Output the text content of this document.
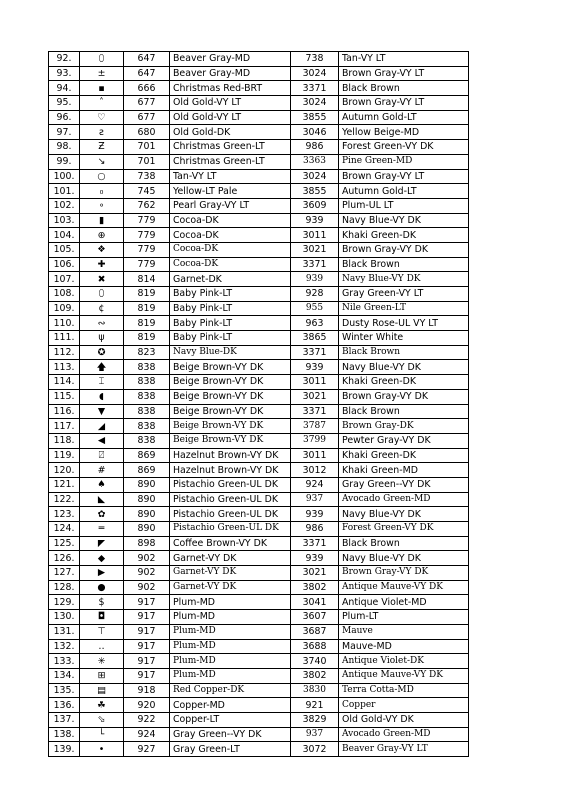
92.	⬯	647	Beaver Gray-MD	738	Tan-VY LT
93.	±	647	Beaver Gray-MD	3024	Brown Gray-VY LT
94.	▪	666	Christmas Red-BRT	3371	Black Brown
95.	˄	677	Old Gold-VY LT	3024	Brown Gray-VY LT
96.	♡	677	Old Gold-VY LT	3855	Autumn Gold-LT
97.	ƨ	680	Old Gold-DK	3046	Yellow Beige-MD
98.	Ƶ	701	Christmas Green-LT	986	Forest Green-VY DK
99.	↘	701	Christmas Green-LT	3363	Pine Green-MD
100.	○	738	Tan-VY LT	3024	Brown Gray-VY LT
101.	₀	745	Yellow-LT Pale	3855	Autumn Gold-LT
102.	∘	762	Pearl Gray-VY LT	3609	Plum-UL LT
103.	▮	779	Cocoa-DK	939	Navy Blue-VY DK
104.	⊕	779	Cocoa-DK	3011	Khaki Green-DK
105.	❖	779	Cocoa-DK	3021	Brown Gray-VY DK
106.	✚	779	Cocoa-DK	3371	Black Brown
107.	✖	814	Garnet-DK	939	Navy Blue-VY DK
108.	⬯	819	Baby Pink-LT	928	Gray Green-VY LT
109.	¢	819	Baby Pink-LT	955	Nile Green-LT
110.	∾	819	Baby Pink-LT	963	Dusty Rose-UL VY LT
111.	ψ	819	Baby Pink-LT	3865	Winter White
112.	✪	823	Navy Blue-DK	3371	Black Brown
113.	🡅	838	Beige Brown-VY DK	939	Navy Blue-VY DK
114.	⌶	838	Beige Brown-VY DK	3011	Khaki Green-DK
115.	◖	838	Beige Brown-VY DK	3021	Brown Gray-VY DK
116.	▼	838	Beige Brown-VY DK	3371	Black Brown
117.	◢	838	Beige Brown-VY DK	3787	Brown Gray-DK
118.	◀	838	Beige Brown-VY DK	3799	Pewter Gray-VY DK
119.	⍁	869	Hazelnut Brown-VY DK	3011	Khaki Green-DK
120.	#	869	Hazelnut Brown-VY DK	3012	Khaki Green-MD
121.	♠	890	Pistachio Green-UL DK	924	Gray Green--VY DK
122.	◣	890	Pistachio Green-UL DK	937	Avocado Green-MD
123.	✿	890	Pistachio Green-UL DK	939	Navy Blue-VY DK
124.	═	890	Pistachio Green-UL DK	986	Forest Green-VY DK
125.	◤	898	Coffee Brown-VY DK	3371	Black Brown
126.	◆	902	Garnet-VY DK	939	Navy Blue-VY DK
127.	▶	902	Garnet-VY DK	3021	Brown Gray-VY DK
128.	●	902	Garnet-VY DK	3802	Antique Mauve-VY DK
129.	$	917	Plum-MD	3041	Antique Violet-MD
130.	◘	917	Plum-MD	3607	Plum-LT
131.	⊤	917	Plum-MD	3687	Mauve
132.	‥	917	Plum-MD	3688	Mauve-MD
133.	✳	917	Plum-MD	3740	Antique Violet-DK
134.	⊞	917	Plum-MD	3802	Antique Mauve-VY DK
135.	▤	918	Red Copper-DK	3830	Terra Cotta-MD
136.	☘	920	Copper-MD	921	Copper
137.	⬂	922	Copper-LT	3829	Old Gold-VY DK
138.	└	924	Gray Green--VY DK	937	Avocado Green-MD
139.	•	927	Gray Green-LT	3072	Beaver Gray-VY LT
